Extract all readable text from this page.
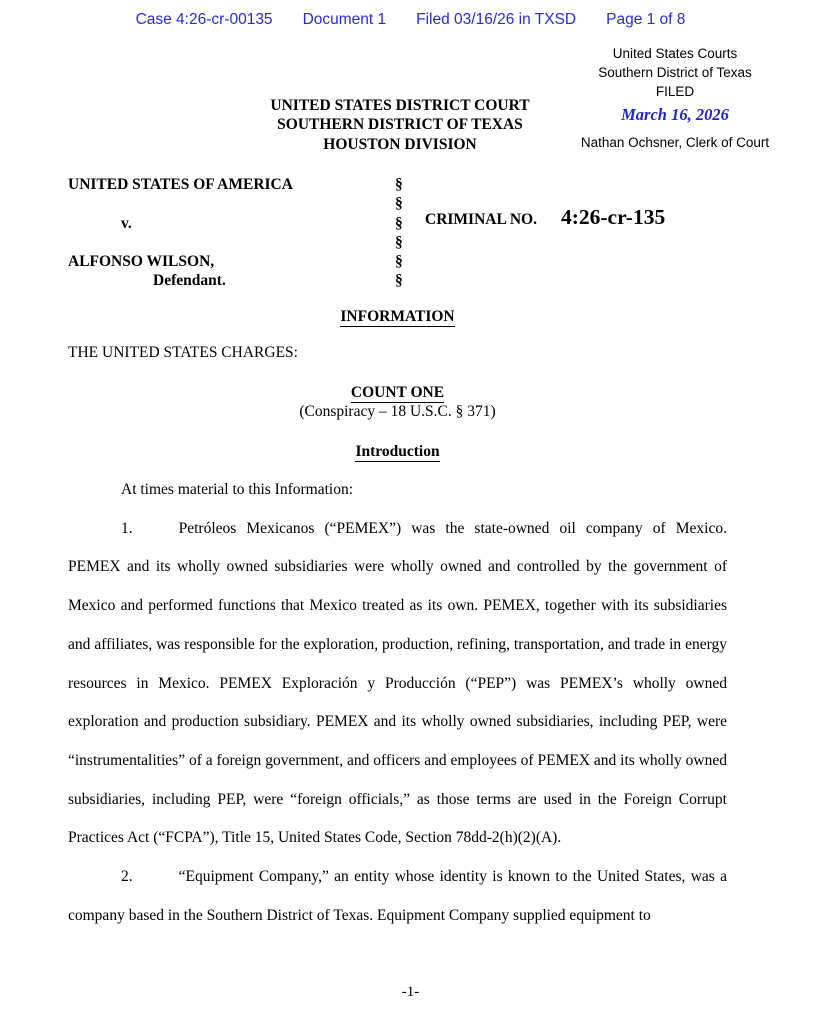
Case 4:26-cr-00135 Document 1 Filed 03/16/26 in TXSD Page 1 of 8
United States Courts
Southern District of Texas
FILED
March 16, 2026
Nathan Ochsner, Clerk of Court
UNITED STATES DISTRICT COURT
SOUTHERN DISTRICT OF TEXAS
HOUSTON DIVISION
UNITED STATES OF AMERICA
v.
ALFONSO WILSON,
Defendant.
§
§
§
§
§
§
CRIMINAL NO. 4:26-cr-135
INFORMATION
THE UNITED STATES CHARGES:
COUNT ONE
(Conspiracy – 18 U.S.C. § 371)
Introduction

At times material to this Information:

1.	Petróleos Mexicanos (“PEMEX”) was the state-owned oil company of Mexico. PEMEX and its wholly owned subsidiaries were wholly owned and controlled by the government of Mexico and performed functions that Mexico treated as its own. PEMEX, together with its subsidiaries and affiliates, was responsible for the exploration, production, refining, transportation, and trade in energy resources in Mexico. PEMEX Exploración y Producción (“PEP”) was PEMEX’s wholly owned exploration and production subsidiary. PEMEX and its wholly owned subsidiaries, including PEP, were “instrumentalities” of a foreign government, and officers and employees of PEMEX and its wholly owned subsidiaries, including PEP, were “foreign officials,” as those terms are used in the Foreign Corrupt Practices Act (“FCPA”), Title 15, United States Code, Section 78dd-2(h)(2)(A).

2.	“Equipment Company,” an entity whose identity is known to the United States, was a company based in the Southern District of Texas. Equipment Company supplied equipment to

-1-
